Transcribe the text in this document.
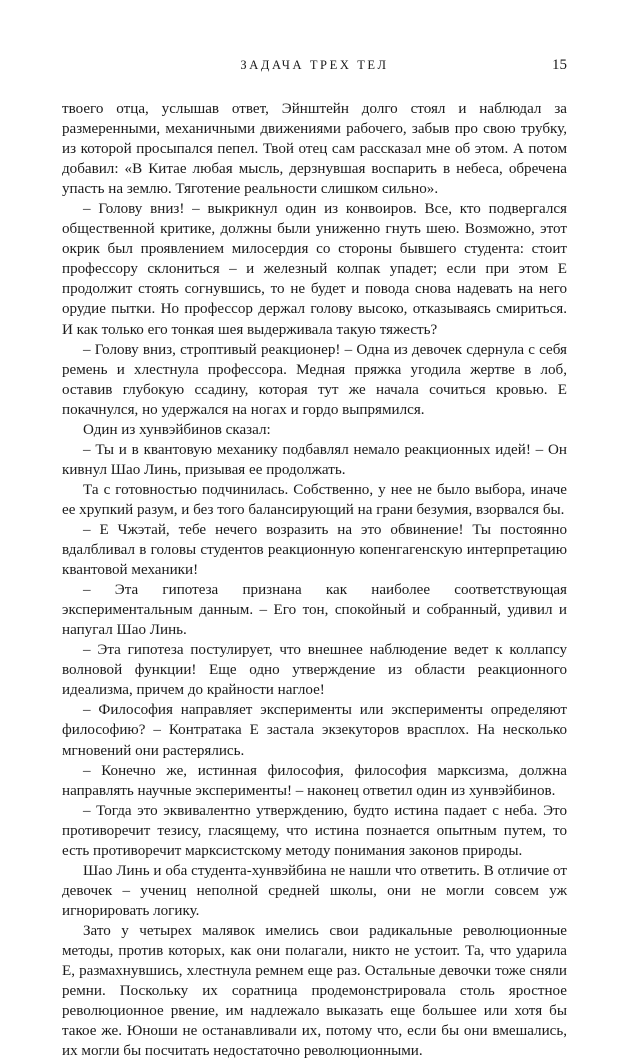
ЗАДАЧА ТРЕХ ТЕЛ	15

твоего отца, услышав ответ, Эйнштейн долго стоял и наблюдал за размеренными, механичными движениями рабочего, забыв про свою трубку, из которой просыпался пепел. Твой отец сам рассказал мне об этом. А потом добавил: «В Китае любая мысль, дерзнувшая воспарить в небеса, обречена упасть на землю. Тяготение реальности слишком сильно».

– Голову вниз! – выкрикнул один из конвоиров. Все, кто подвергался общественной критике, должны были униженно гнуть шею. Возможно, этот окрик был проявлением милосердия со стороны бывшего студента: стоит профессору склониться – и железный колпак упадет; если при этом Е продолжит стоять согнувшись, то не будет и повода снова надевать на него орудие пытки. Но профессор держал голову высоко, отказываясь смириться. И как только его тонкая шея выдерживала такую тяжесть?

– Голову вниз, строптивый реакционер! – Одна из девочек сдернула с себя ремень и хлестнула профессора. Медная пряжка угодила жертве в лоб, оставив глубокую ссадину, которая тут же начала сочиться кровью. Е покачнулся, но удержался на ногах и гордо выпрямился.

Один из хунвэйбинов сказал:

– Ты и в квантовую механику подбавлял немало реакционных идей! – Он кивнул Шао Линь, призывая ее продолжать.

Та с готовностью подчинилась. Собственно, у нее не было выбора, иначе ее хрупкий разум, и без того балансирующий на грани безумия, взорвался бы.

– Е Чжэтай, тебе нечего возразить на это обвинение! Ты постоянно вдалбливал в головы студентов реакционную копенгагенскую интерпретацию квантовой механики!

– Эта гипотеза признана как наиболее соответствующая экспериментальным данным. – Его тон, спокойный и собранный, удивил и напугал Шао Линь.

– Эта гипотеза постулирует, что внешнее наблюдение ведет к коллапсу волновой функции! Еще одно утверждение из области реакционного идеализма, причем до крайности наглое!

– Философия направляет эксперименты или эксперименты определяют философию? – Контратака Е застала экзекуторов врасплох. На несколько мгновений они растерялись.

– Конечно же, истинная философия, философия марксизма, должна направлять научные эксперименты! – наконец ответил один из хунвэйбинов.

– Тогда это эквивалентно утверждению, будто истина падает с неба. Это противоречит тезису, гласящему, что истина познается опытным путем, то есть противоречит марксистскому методу понимания законов природы.

Шао Линь и оба студента-хунвэйбина не нашли что ответить. В отличие от девочек – учениц неполной средней школы, они не могли совсем уж игнорировать логику.

Зато у четырех малявок имелись свои радикальные революционные методы, против которых, как они полагали, никто не устоит. Та, что ударила Е, размахнувшись, хлестнула ремнем еще раз. Остальные девочки тоже сняли ремни. Поскольку их соратница продемонстрировала столь яростное революционное рвение, им надлежало выказать еще большее или хотя бы такое же. Юноши не останавливали их, потому что, если бы они вмешались, их могли бы посчитать недостаточно революционными.
